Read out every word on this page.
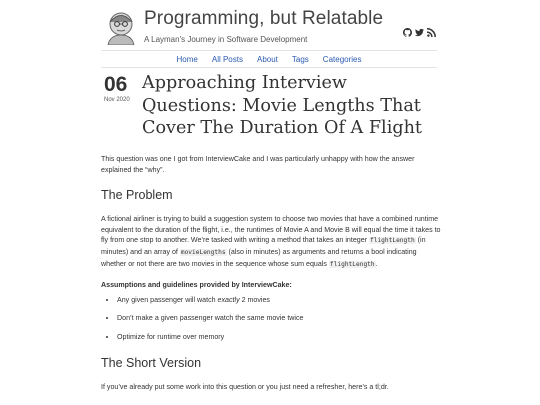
Programming, but Relatable
A Layman's Journey in Software Development
Home	All Posts	About	Tags	Categories
06
Nov 2020
Approaching Interview Questions: Movie Lengths That Cover The Duration Of A Flight

This question was one I got from InterviewCake and I was particularly unhappy with how the answer explained the “why”.

The Problem

A fictional airliner is trying to build a suggestion system to choose two movies that have a combined runtime equivalent to the duration of the flight, i.e., the runtimes of Movie A and Movie B will equal the time it takes to fly from one stop to another. We’re tasked with writing a method that takes an integer flightLength (in minutes) and an array of movieLengths (also in minutes) as arguments and returns a bool indicating whether or not there are two movies in the sequence whose sum equals flightLength.

Assumptions and guidelines provided by InterviewCake:

• Any given passenger will watch exactly 2 movies
• Don’t make a given passenger watch the same movie twice
• Optimize for runtime over memory
The Short Version

If you’ve already put some work into this question or you just need a refresher, here’s a tl;dr.
